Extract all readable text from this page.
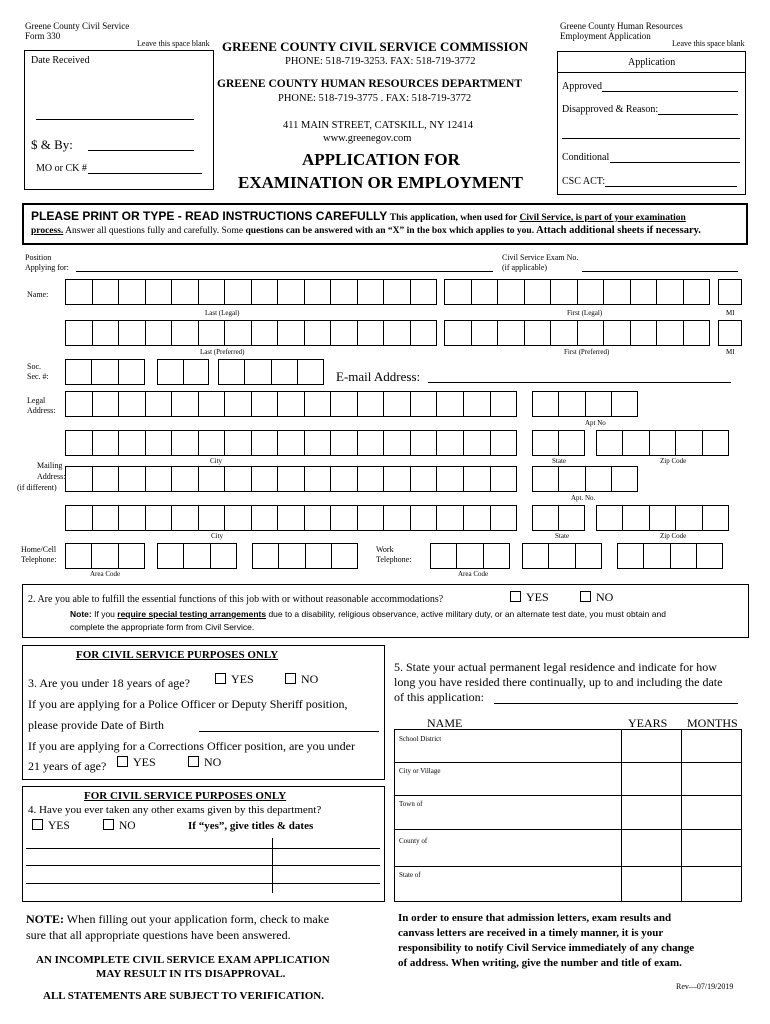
Greene County Civil Service
Form 330
Leave this space blank
Date Received
$ & By:
MO or CK #
GREENE COUNTY CIVIL SERVICE COMMISSION
PHONE: 518-719-3253. FAX: 518-719-3772
GREENE COUNTY HUMAN RESOURCES DEPARTMENT
PHONE: 518-719-3775 . FAX: 518-719-3772
411 MAIN STREET, CATSKILL, NY 12414
www.greenegov.com
APPLICATION FOR
EXAMINATION OR EMPLOYMENT
Greene County Human Resources
Employment Application
Leave this space blank
Application
Approved
Disapproved & Reason:
Conditional
CSC ACT:
PLEASE PRINT OR TYPE - READ INSTRUCTIONS CAREFULLY This application, when used for Civil Service, is part of your examination
process. Answer all questions fully and carefully. Some questions can be answered with an “X” in the box which applies to you. Attach additional sheets if necessary.
Position
Applying for:
Civil Service Exam No.
(if applicable)
Name:
Last (Legal)	First (Legal)	MI
Last (Preferred)	First (Preferred)	MI
Soc.
Sec. #:	E-mail Address:
Legal
Address:
Apt No
City	State	Zip Code
Mailing
Address:
(if different)
Apt. No.
City	State	Zip Code
Home/Cell
Telephone:
Work
Telephone:
Area Code	Area Code
2. Are you able to fulfill the essential functions of this job with or without reasonable accommodations?	YES	NO
Note: If you require special testing arrangements due to a disability, religious observance, active military duty, or an alternate test date, you must obtain and
complete the appropriate form from Civil Service.
FOR CIVIL SERVICE PURPOSES ONLY
3. Are you under 18 years of age?	YES	NO
If you are applying for a Police Officer or Deputy Sheriff position,
please provide Date of Birth
If you are applying for a Corrections Officer position, are you under
21 years of age?	YES	NO
FOR CIVIL SERVICE PURPOSES ONLY
4. Have you ever taken any other exams given by this department?
YES	NO	If “yes”, give titles & dates
5. State your actual permanent legal residence and indicate for how
long you have resided there continually, up to and including the date
of this application:
NAME	YEARS MONTHS
School District
City or Village
Town of
County of
State of
NOTE: When filling out your application form, check to make
sure that all appropriate questions have been answered.
AN INCOMPLETE CIVIL SERVICE EXAM APPLICATION
MAY RESULT IN ITS DISAPPROVAL.
ALL STATEMENTS ARE SUBJECT TO VERIFICATION.
In order to ensure that admission letters, exam results and
canvass letters are received in a timely manner, it is your
responsibility to notify Civil Service immediately of any change
of address. When writing, give the number and title of exam.
Rev—07/19/2019
